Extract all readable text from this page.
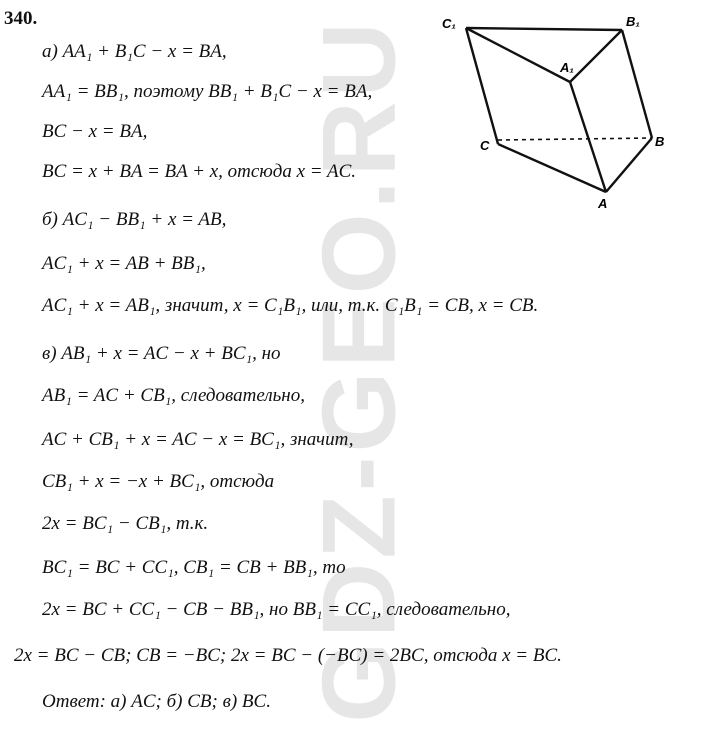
GDZ-GEO.RU
340.
а) AA₁ + B₁C − x = BA,
AA₁ = BB₁, поэтому BB₁ + B₁C − x = BA,
BC − x = BA,
BC = x + BA = BA + x, отсюда x = AC.
б) AC₁ − BB₁ + x = AB,
AC₁ + x = AB + BB₁,
AC₁ + x = AB₁, значит, x = C₁B₁, или, т.к. C₁B₁ = CB, x = CB.
в) AB₁ + x = AC − x + BC₁, но
AB₁ = AC + CB₁, следовательно,
AC + CB₁ + x = AC − x = BC₁, значит,
CB₁ + x = −x + BC₁, отсюда
2x = BC₁ − CB₁, т.к.
BC₁ = BC + CC₁, CB₁ = CB + BB₁, то
2x = BC + CC₁ − CB − BB₁, но BB₁ = CC₁, следовательно,
2x = BC − CB; CB = −BC; 2x = BC − (−BC) = 2BC, отсюда x = BC.
Ответ: а) AC; б) CB; в) BC.
C₁	B₁
A₁
C	B
A
